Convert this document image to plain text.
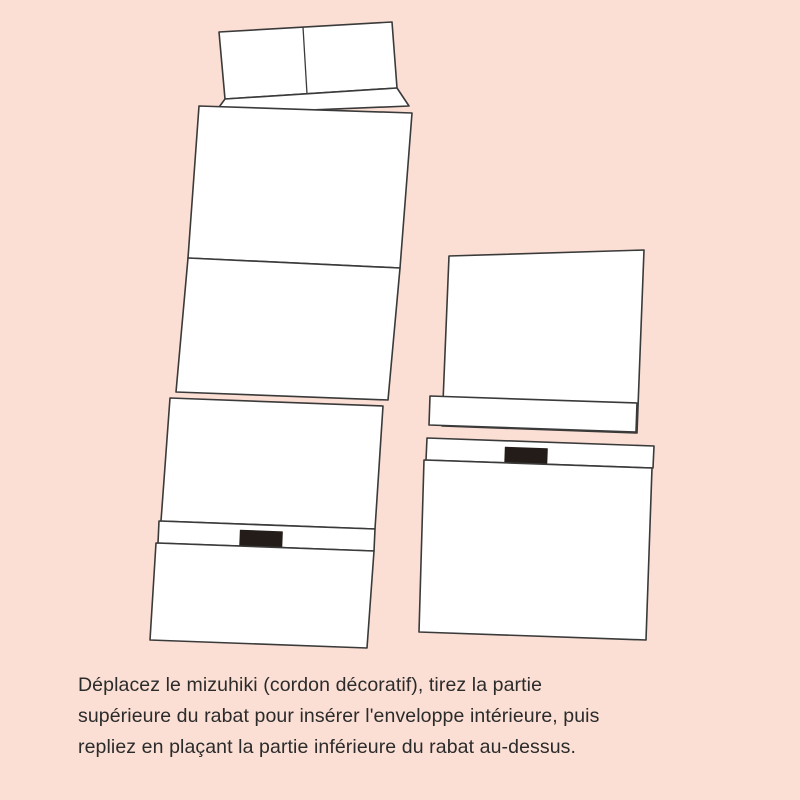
Déplacez le mizuhiki (cordon décoratif), tirez la partie

supérieure du rabat pour insérer l'enveloppe intérieure, puis

repliez en plaçant la partie inférieure du rabat au-dessus.
